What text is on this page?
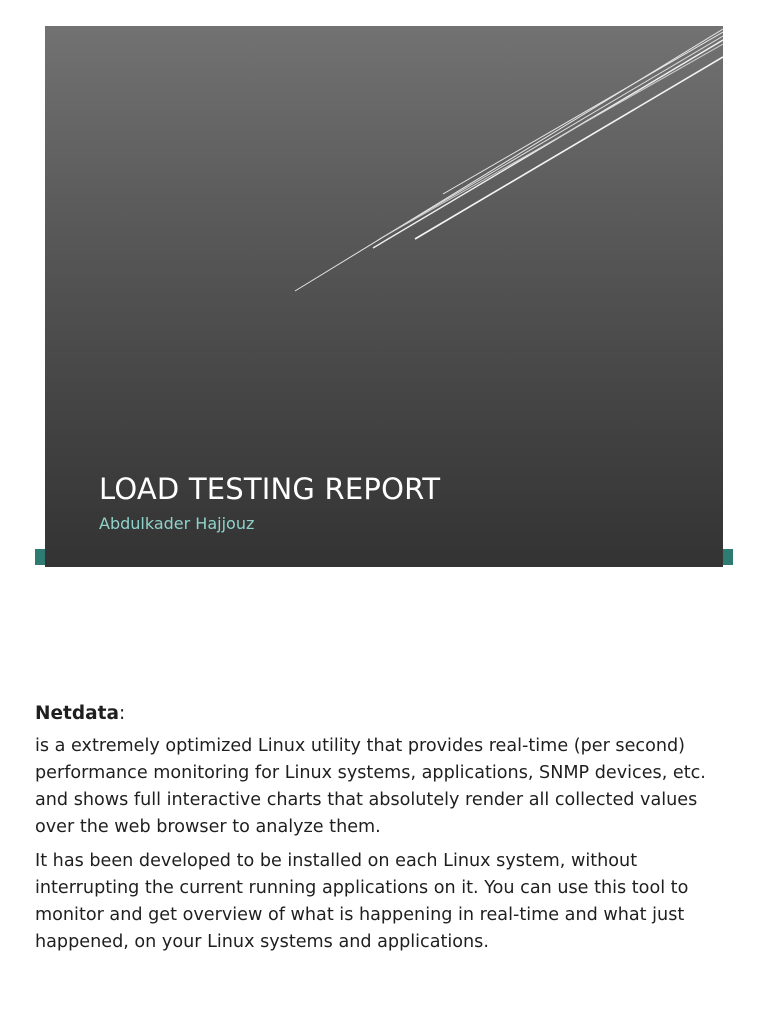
LOAD TESTING REPORT

Abdulkader Hajjouz

Netdata:

is a extremely optimized Linux utility that provides real-time (per second) performance monitoring for Linux systems, applications, SNMP devices, etc. and shows full interactive charts that absolutely render all collected values over the web browser to analyze them.

It has been developed to be installed on each Linux system, without interrupting the current running applications on it. You can use this tool to monitor and get overview of what is happening in real-time and what just happened, on your Linux systems and applications.
